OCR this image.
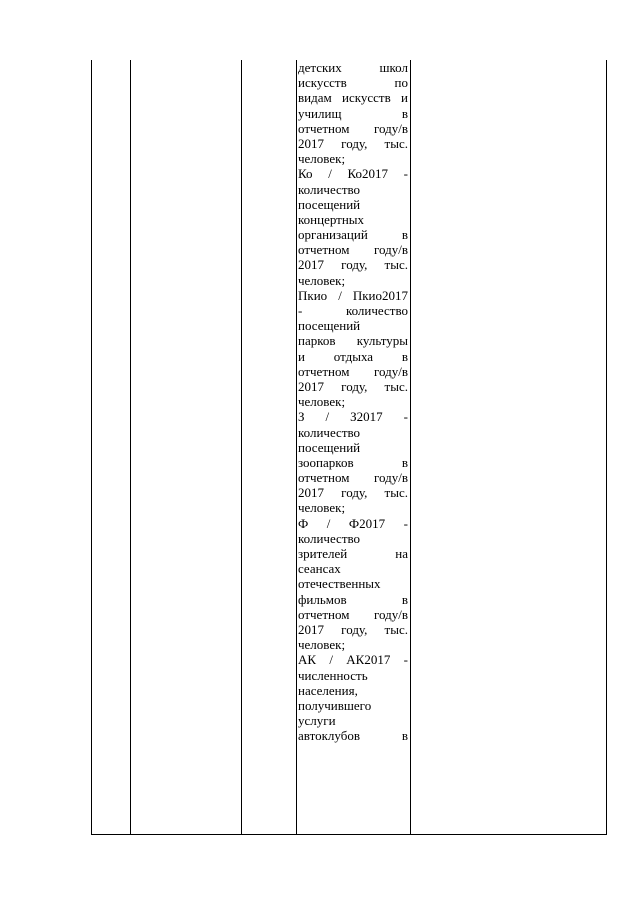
детских школ
искусств по
видам искусств и
училищ в
отчетном году/в
2017 году, тыс.
человек;
Ко / Ко2017 -
количество
посещений
концертных
организаций в
отчетном году/в
2017 году, тыс.
человек;
Пкио / Пкио2017
- количество
посещений
парков культуры
и отдыха в
отчетном году/в
2017 году, тыс.
человек;
З / З2017 -
количество
посещений
зоопарков в
отчетном году/в
2017 году, тыс.
человек;
Ф / Ф2017 -
количество
зрителей на
сеансах
отечественных
фильмов в
отчетном году/в
2017 году, тыс.
человек;
АК / АК2017 -
численность
населения,
получившего
услуги
автоклубов в
